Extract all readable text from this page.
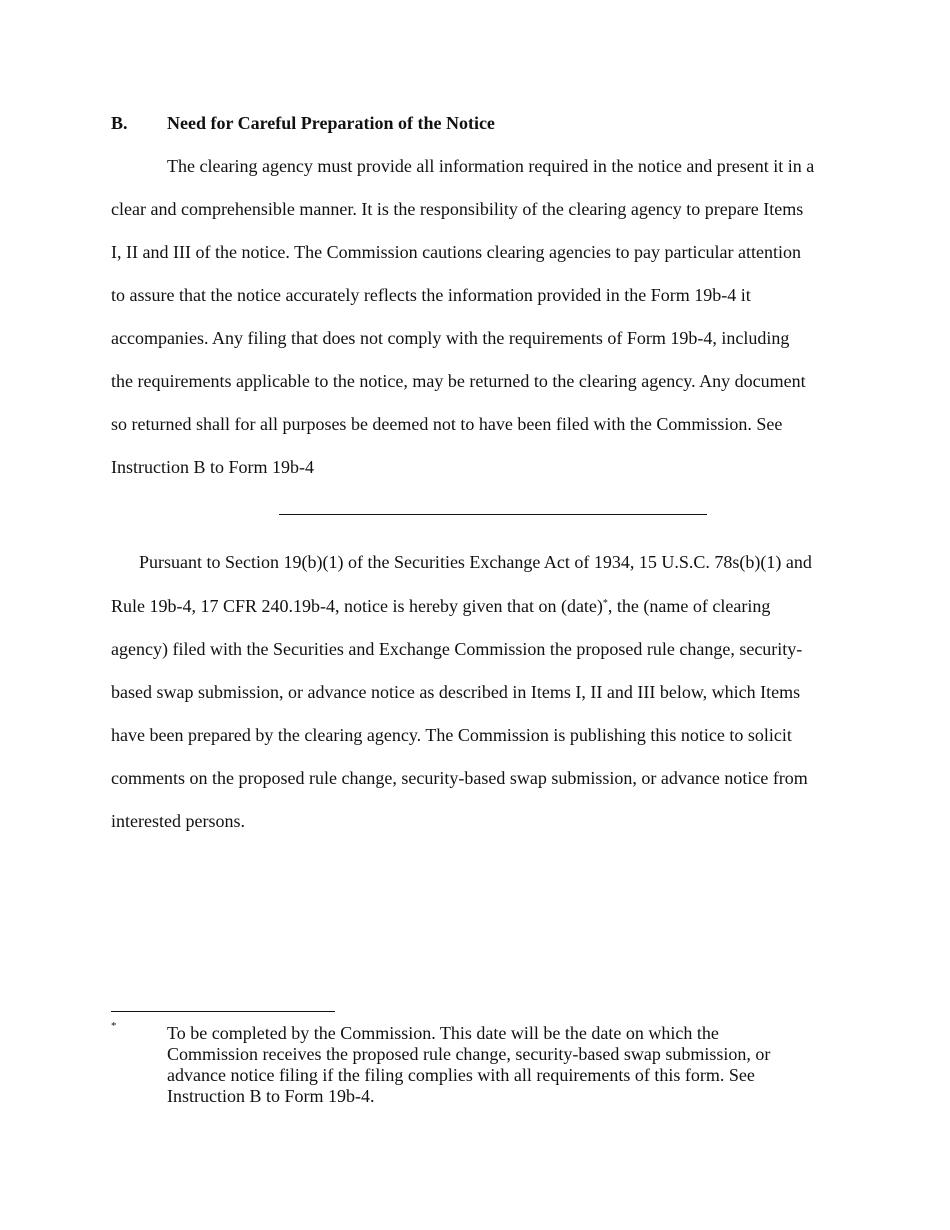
B. Need for Careful Preparation of the Notice
The clearing agency must provide all information required in the notice and present it in a
clear and comprehensible manner. It is the responsibility of the clearing agency to prepare Items
I, II and III of the notice. The Commission cautions clearing agencies to pay particular attention
to assure that the notice accurately reflects the information provided in the Form 19b-4 it
accompanies. Any filing that does not comply with the requirements of Form 19b-4, including
the requirements applicable to the notice, may be returned to the clearing agency. Any document
so returned shall for all purposes be deemed not to have been filed with the Commission. See
Instruction B to Form 19b-4
Pursuant to Section 19(b)(1) of the Securities Exchange Act of 1934, 15 U.S.C. 78s(b)(1) and
Rule 19b-4, 17 CFR 240.19b-4, notice is hereby given that on (date)*, the (name of clearing
agency) filed with the Securities and Exchange Commission the proposed rule change, security-
based swap submission, or advance notice as described in Items I, II and III below, which Items
have been prepared by the clearing agency. The Commission is publishing this notice to solicit
comments on the proposed rule change, security-based swap submission, or advance notice from
interested persons.
*	To be completed by the Commission. This date will be the date on which the
Commission receives the proposed rule change, security-based swap submission, or
advance notice filing if the filing complies with all requirements of this form. See
Instruction B to Form 19b-4.
